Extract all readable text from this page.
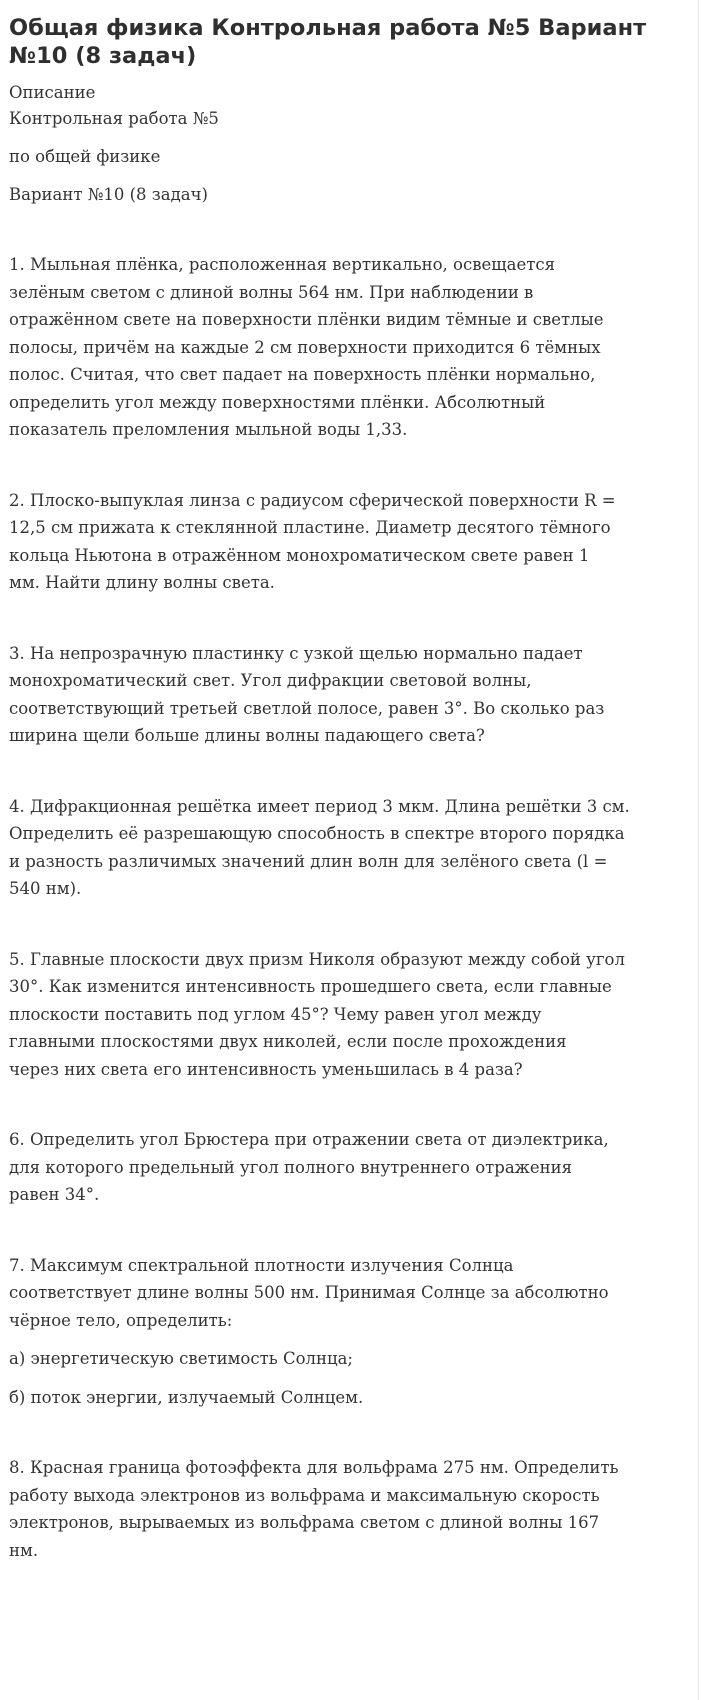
Общая физика Контрольная работа №5 Вариант №10 (8 задач)

Описание

Контрольная работа №5

по общей физике

Вариант №10 (8 задач)

1. Мыльная плёнка, расположенная вертикально, освещается
зелёным светом с длиной волны 564 нм. При наблюдении в
отражённом свете на поверхности плёнки видим тёмные и светлые
полосы, причём на каждые 2 см поверхности приходится 6 тёмных
полос. Считая, что свет падает на поверхность плёнки нормально,
определить угол между поверхностями плёнки. Абсолютный
показатель преломления мыльной воды 1,33.

2. Плоско-выпуклая линза с радиусом сферической поверхности R =
12,5 см прижата к стеклянной пластине. Диаметр десятого тёмного
кольца Ньютона в отражённом монохроматическом свете равен 1
мм. Найти длину волны света.

3. На непрозрачную пластинку с узкой щелью нормально падает
монохроматический свет. Угол дифракции световой волны,
соответствующий третьей светлой полосе, равен 3°. Во сколько раз
ширина щели больше длины волны падающего света?

4. Дифракционная решётка имеет период 3 мкм. Длина решётки 3 см.
Определить её разрешающую способность в спектре второго порядка
и разность различимых значений длин волн для зелёного света (l =
540 нм).

5. Главные плоскости двух призм Николя образуют между собой угол
30°. Как изменится интенсивность прошедшего света, если главные
плоскости поставить под углом 45°? Чему равен угол между
главными плоскостями двух николей, если после прохождения
через них света его интенсивность уменьшилась в 4 раза?

6. Определить угол Брюстера при отражении света от диэлектрика,
для которого предельный угол полного внутреннего отражения
равен 34°.

7. Максимум спектральной плотности излучения Солнца
соответствует длине волны 500 нм. Принимая Солнце за абсолютно
чёрное тело, определить:

а) энергетическую светимость Солнца;

б) поток энергии, излучаемый Солнцем.

8. Красная граница фотоэффекта для вольфрама 275 нм. Определить
работу выхода электронов из вольфрама и максимальную скорость
электронов, вырываемых из вольфрама светом с длиной волны 167
нм.
